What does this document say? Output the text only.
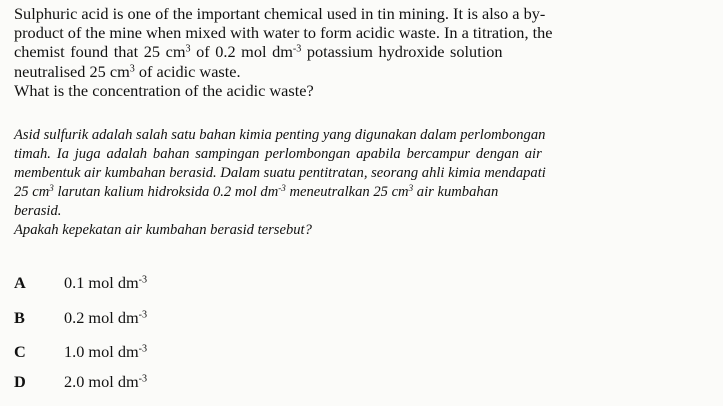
Sulphuric acid is one of the important chemical used in tin mining. It is also a by-

product of the mine when mixed with water to form acidic waste. In a titration, the

chemist found that 25 $cm^3$ of 0.2 mol $dm^{-3}$ potassium hydroxide solution

neutralised 25 $cm^3$ of acidic waste.

What is the concentration of the acidic waste?

Asid sulfurik adalah salah satu bahan kimia penting yang digunakan dalam perlombongan

timah. Ia juga adalah bahan sampingan perlombongan apabila bercampur dengan air

membentuk air kumbahan berasid. Dalam suatu pentitratan, seorang ahli kimia mendapati

25 $cm^3$ larutan kalium hidroksida 0.2 mol $dm^{-3}$ meneutralkan 25 $cm^3$ air kumbahan

berasid.

Apakah kepekatan air kumbahan berasid tersebut?

A	0.1 mol $dm^{-3}$
B	0.2 mol $dm^{-3}$
C	1.0 mol $dm^{-3}$
D	2.0 mol $dm^{-3}$
